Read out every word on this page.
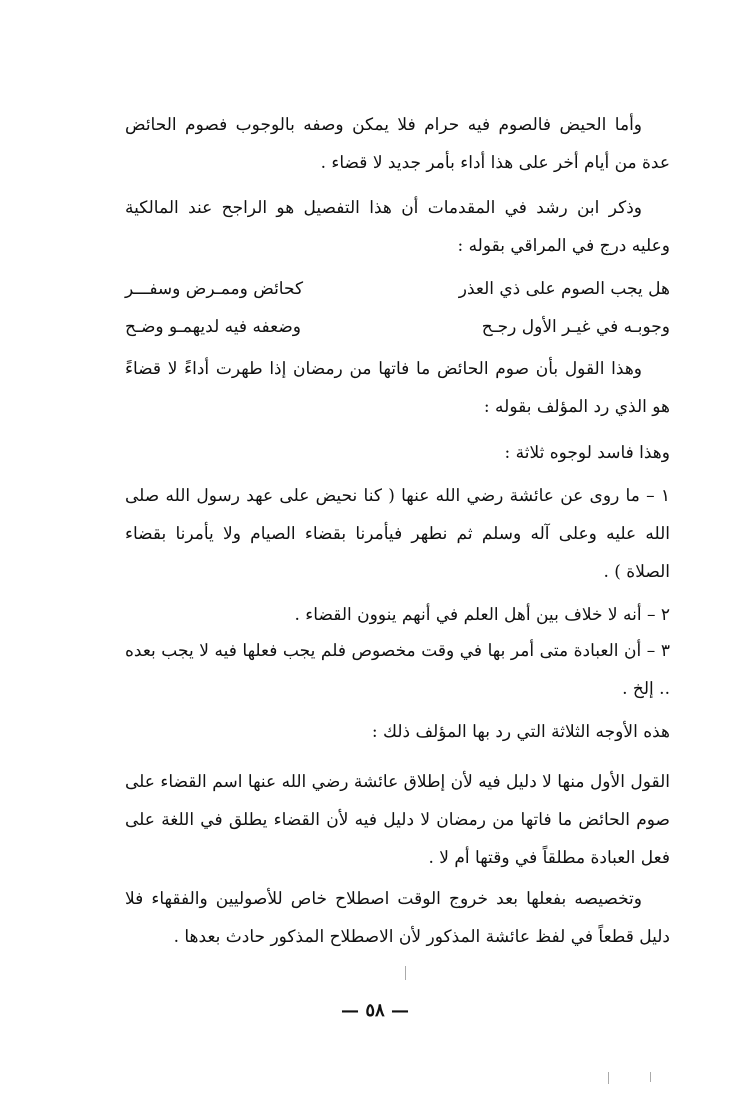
وأما الحيض فالصوم فيه حرام فلا يمكن وصفه بالوجوب فصوم الحائض عدة من أيام أخر على هذا أداء بأمر جديد لا قضاء .

وذكر ابن رشد في المقدمات أن هذا التفصيل هو الراجح عند المالكية وعليه درج في المراقي بقوله :

هل يجب الصوم على ذي العذر
كحائض وممـرض وسفـــر
وجوبـه في غيـر الأول رجـح
وضعفه فيه لديهمـو وضـح

وهذا القول بأن صوم الحائض ما فاتها من رمضان إذا طهرت أداءً لا قضاءً هو الذي رد المؤلف بقوله :

وهذا فاسد لوجوه ثلاثة :

١ – ما روى عن عائشة رضي الله عنها ( كنا نحيض على عهد رسول الله صلى الله عليه وعلى آله وسلم ثم نطهر فيأمرنا بقضاء الصيام ولا يأمرنا بقضاء الصلاة ) .

٢ – أنه لا خلاف بين أهل العلم في أنهم ينوون القضاء .

٣ – أن العبادة متى أمر بها في وقت مخصوص فلم يجب فعلها فيه لا يجب بعده .. إلخ .

هذه الأوجه الثلاثة التي رد بها المؤلف ذلك :

القول الأول منها لا دليل فيه لأن إطلاق عائشة رضي الله عنها اسم القضاء على صوم الحائض ما فاتها من رمضان لا دليل فيه لأن القضاء يطلق في اللغة على فعل العبادة مطلقاً في وقتها أم لا .

وتخصيصه بفعلها بعد خروج الوقت اصطلاح خاص للأصوليين والفقهاء فلا دليل قطعاً في لفظ عائشة المذكور لأن الاصطلاح المذكور حادث بعدها .

— ٥٨ —
